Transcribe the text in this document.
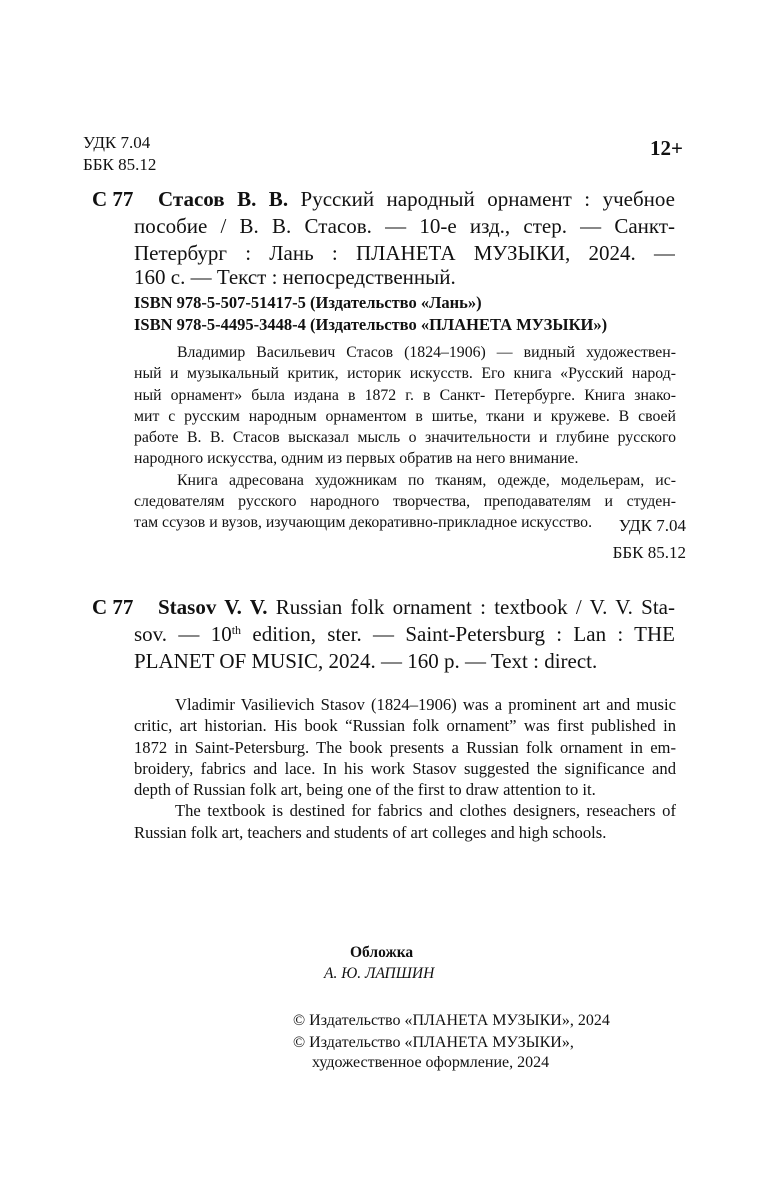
УДК 7.04
ББК 85.12
12+
С 77 Стасов В. В. Русский народный орнамент : учебное
пособие / В. В. Стасов. — 10-е изд., стер. — Санкт-
Петербург : Лань : ПЛАНЕТА МУЗЫКИ, 2024. —
160 с. — Текст : непосредственный.
ISBN 978-5-507-51417-5 (Издательство «Лань»)
ISBN 978-5-4495-3448-4 (Издательство «ПЛАНЕТА МУЗЫКИ»)
Владимир Васильевич Стасов (1824–1906) — видный художествен-
ный и музыкальный критик, историк искусств. Его книга «Русский народ-
ный орнамент» была издана в 1872 г. в Санкт- Петербурге. Книга знако-
мит с русским народным орнаментом в шитье, ткани и кружеве. В своей
работе В. В. Стасов высказал мысль о значительности и глубине русского
народного искусства, одним из первых обратив на него внимание.
Книга адресована художникам по тканям, одежде, модельерам, ис-
следователям русского народного творчества, преподавателям и студен-
там ссузов и вузов, изучающим декоративно-прикладное искусство.	УДК 7.04
ББК 85.12
С 77 Stasov V. V. Russian folk ornament : textbook / V. V. Sta-
sov. — 10th edition, ster. — Saint-Petersburg : Lan : THE
PLANET OF MUSIC, 2024. — 160 p. — Text : direct.
Vladimir Vasilievich Stasov (1824–1906) was a prominent art and music
critic, art historian. His book “Russian folk ornament” was first published in
1872 in Saint-Petersburg. The book presents a Russian folk ornament in em-
broidery, fabrics and lace. In his work Stasov suggested the significance and
depth of Russian folk art, being one of the first to draw attention to it.
The textbook is destined for fabrics and clothes designers, reseachers of
Russian folk art, teachers and students of art colleges and high schools.
Обложка
А. Ю. ЛАПШИН
© Издательство «ПЛАНЕТА МУЗЫКИ», 2024
© Издательство «ПЛАНЕТА МУЗЫКИ»,
художественное оформление, 2024
